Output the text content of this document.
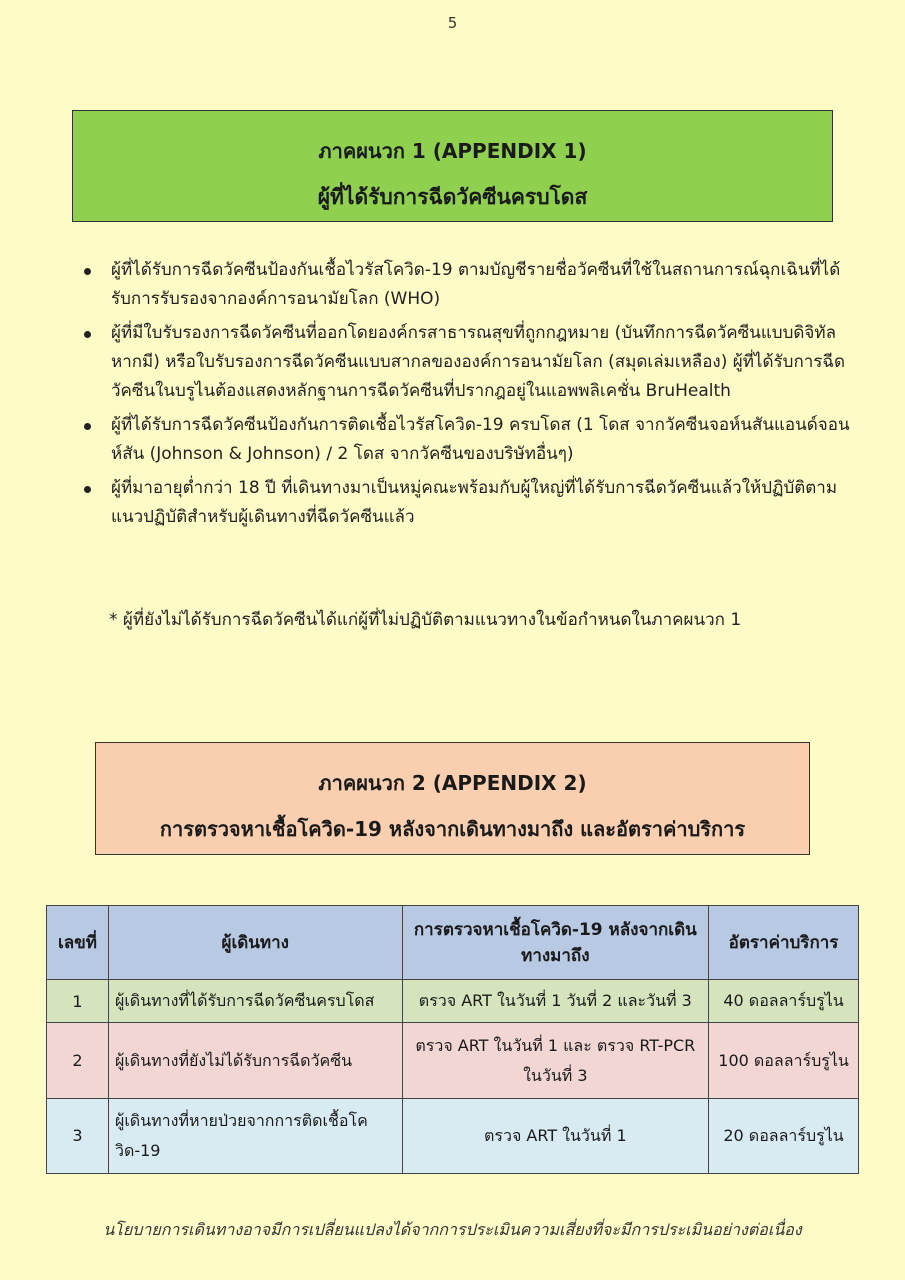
5
ภาคผนวก 1 (APPENDIX 1)
ผู้ที่ได้รับการฉีดวัคซีนครบโดส
ผู้ที่ได้รับการฉีดวัคซีนป้องกันเชื้อไวรัสโควิด-19 ตามบัญชีรายชื่อวัคซีนที่ใช้ในสถานการณ์ฉุกเฉินที่ได้รับการรับรองจากองค์การอนามัยโลก (WHO)
ผู้ที่มีใบรับรองการฉีดวัคซีนที่ออกโดยองค์กรสาธารณสุขที่ถูกกฎหมาย (บันทึกการฉีดวัคซีนแบบดิจิทัลหากมี) หรือใบรับรองการฉีดวัคซีนแบบสากลขององค์การอนามัยโลก (สมุดเล่มเหลือง) ผู้ที่ได้รับการฉีดวัคซีนในบรูไนต้องแสดงหลักฐานการฉีดวัคซีนที่ปรากฎอยู่ในแอพพลิเคชั่น BruHealth
ผู้ที่ได้รับการฉีดวัคซีนป้องกันการติดเชื้อไวรัสโควิด-19 ครบโดส (1 โดส จากวัคซีนจอห์นสันแอนด์จอนห์สัน (Johnson & Johnson) / 2 โดส จากวัคซีนของบริษัทอื่นๆ)
ผู้ที่มาอายุต่ำกว่า 18 ปี ที่เดินทางมาเป็นหมู่คณะพร้อมกับผู้ใหญ่ที่ได้รับการฉีดวัคซีนแล้วให้ปฏิบัติตามแนวปฏิบัติสำหรับผู้เดินทางที่ฉีดวัคซีนแล้ว
* ผู้ที่ยังไม่ได้รับการฉีดวัคซีนได้แก่ผู้ที่ไม่ปฏิบัติตามแนวทางในข้อกำหนดในภาคผนวก 1
ภาคผนวก 2 (APPENDIX 2)
การตรวจหาเชื้อโควิด-19 หลังจากเดินทางมาถึง และอัตราค่าบริการ
เลขที่	ผู้เดินทาง	การตรวจหาเชื้อโควิด-19 หลังจากเดินทางมาถึง	อัตราค่าบริการ
1	ผู้เดินทางที่ได้รับการฉีดวัคซีนครบโดส	ตรวจ ART ในวันที่ 1 วันที่ 2 และวันที่ 3	40 ดอลลาร์บรูไน
2	ผู้เดินทางที่ยังไม่ได้รับการฉีดวัคซีน	ตรวจ ART ในวันที่ 1 และ ตรวจ RT-PCR ในวันที่ 3	100 ดอลลาร์บรูไน
3	ผู้เดินทางที่หายป่วยจากการติดเชื้อโควิด-19	ตรวจ ART ในวันที่ 1	20 ดอลลาร์บรูไน
นโยบายการเดินทางอาจมีการเปลี่ยนแปลงได้จากการประเมินความเสี่ยงที่จะมีการประเมินอย่างต่อเนื่อง
